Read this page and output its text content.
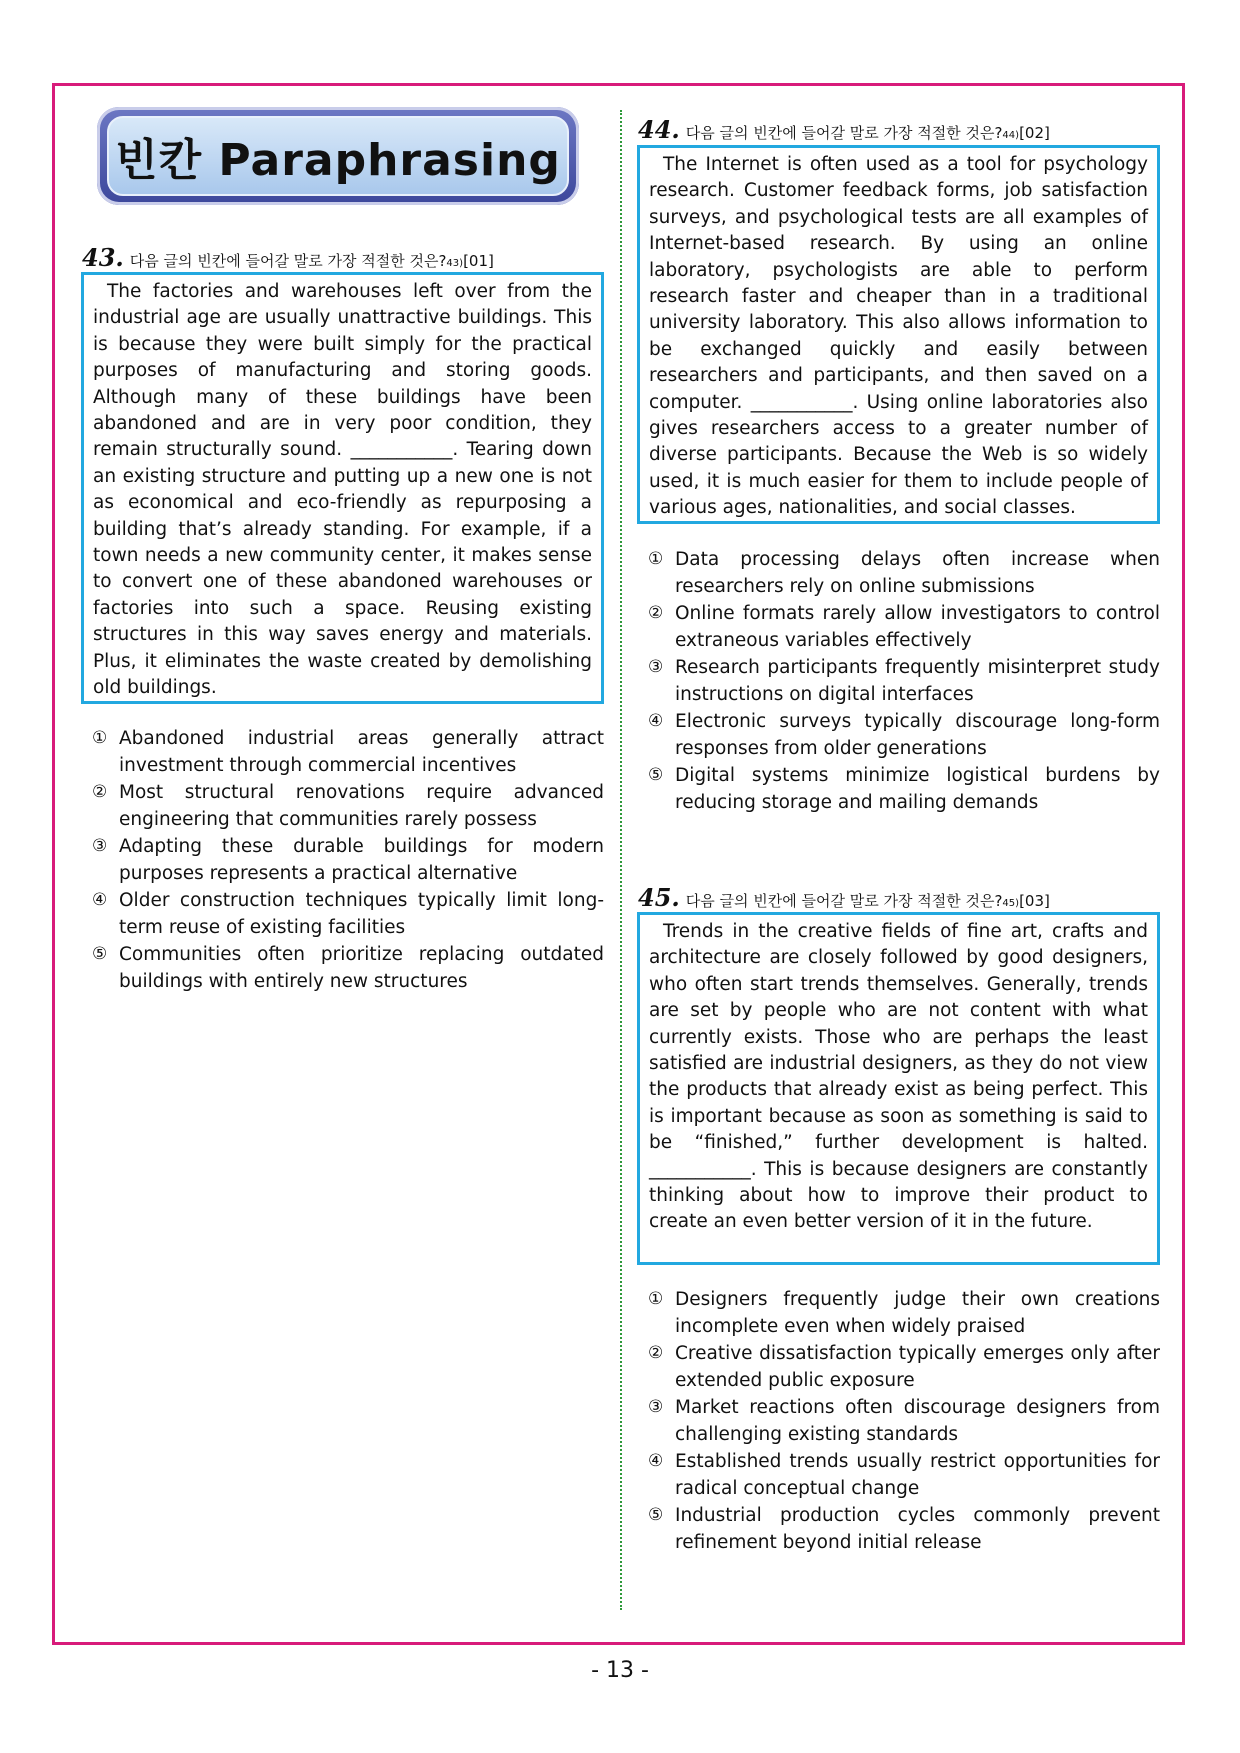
빈칸 Paraphrasing
43. 다음 글의 빈칸에 들어갈 말로 가장 적절한 것은? 43) [01]

The factories and warehouses left over from the industrial age are usually unattractive buildings. This is because they were built simply for the practical purposes of manufacturing and storing goods. Although many of these buildings have been abandoned and are in very poor condition, they remain structurally sound. ___________. Tearing down an existing structure and putting up a new one is not as economical and eco-friendly as repurposing a building that’s already standing. For example, if a town needs a new community center, it makes sense to convert one of these abandoned warehouses or factories into such a space. Reusing existing structures in this way saves energy and materials. Plus, it eliminates the waste created by demolishing old buildings.

① Abandoned industrial areas generally attract investment through commercial incentives
② Most structural renovations require advanced engineering that communities rarely possess
③ Adapting these durable buildings for modern purposes represents a practical alternative
④ Older construction techniques typically limit long-term reuse of existing facilities
⑤ Communities often prioritize replacing outdated buildings with entirely new structures
44. 다음 글의 빈칸에 들어갈 말로 가장 적절한 것은? 44) [02]

The Internet is often used as a tool for psychology research. Customer feedback forms, job satisfaction surveys, and psychological tests are all examples of Internet-based research. By using an online laboratory, psychologists are able to perform research faster and cheaper than in a traditional university laboratory. This also allows information to be exchanged quickly and easily between researchers and participants, and then saved on a computer. ___________. Using online laboratories also gives researchers access to a greater number of diverse participants. Because the Web is so widely used, it is much easier for them to include people of various ages, nationalities, and social classes.

① Data processing delays often increase when researchers rely on online submissions
② Online formats rarely allow investigators to control extraneous variables effectively
③ Research participants frequently misinterpret study instructions on digital interfaces
④ Electronic surveys typically discourage long-form responses from older generations
⑤ Digital systems minimize logistical burdens by reducing storage and mailing demands
45. 다음 글의 빈칸에 들어갈 말로 가장 적절한 것은? 45) [03]

Trends in the creative fields of fine art, crafts and architecture are closely followed by good designers, who often start trends themselves. Generally, trends are set by people who are not content with what currently exists. Those who are perhaps the least satisfied are industrial designers, as they do not view the products that already exist as being perfect. This is important because as soon as something is said to be “finished,” further development is halted. ___________. This is because designers are constantly thinking about how to improve their product to create an even better version of it in the future.

① Designers frequently judge their own creations incomplete even when widely praised
② Creative dissatisfaction typically emerges only after extended public exposure
③ Market reactions often discourage designers from challenging existing standards
④ Established trends usually restrict opportunities for radical conceptual change
⑤ Industrial production cycles commonly prevent refinement beyond initial release
- 13 -
